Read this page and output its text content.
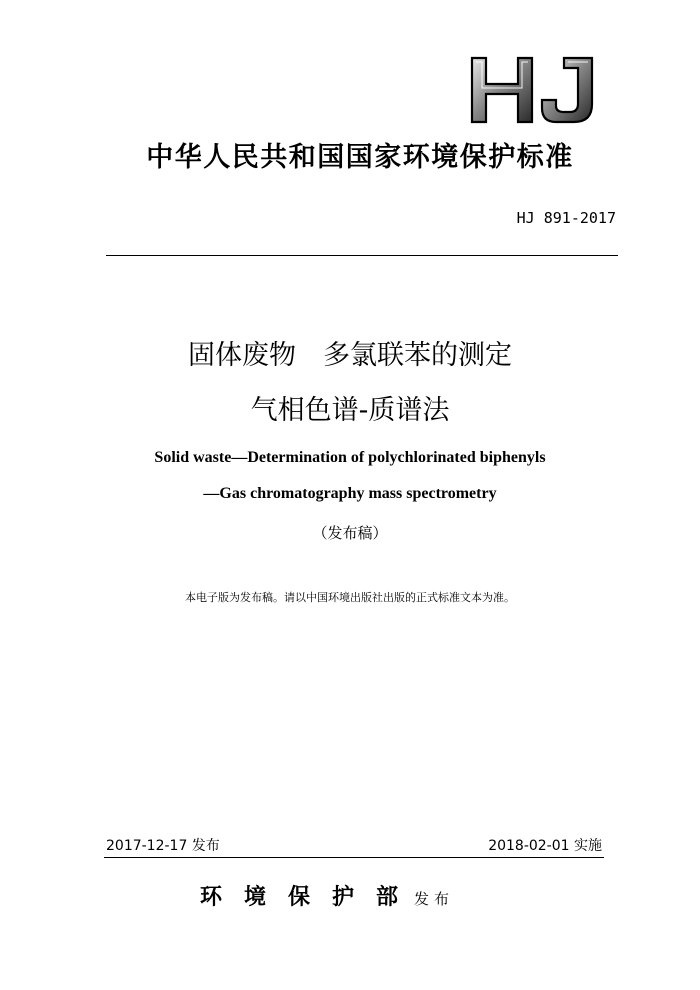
中华人民共和国国家环境保护标准
HJ 891-2017
固体废物　多氯联苯的测定
气相色谱-质谱法
Solid waste—Determination of polychlorinated biphenyls
—Gas chromatography mass spectrometry
（发布稿）
本电子版为发布稿。请以中国环境出版社出版的正式标准文本为准。
2017-12-17 发布	2018-02-01 实施
环境保护部
发布
